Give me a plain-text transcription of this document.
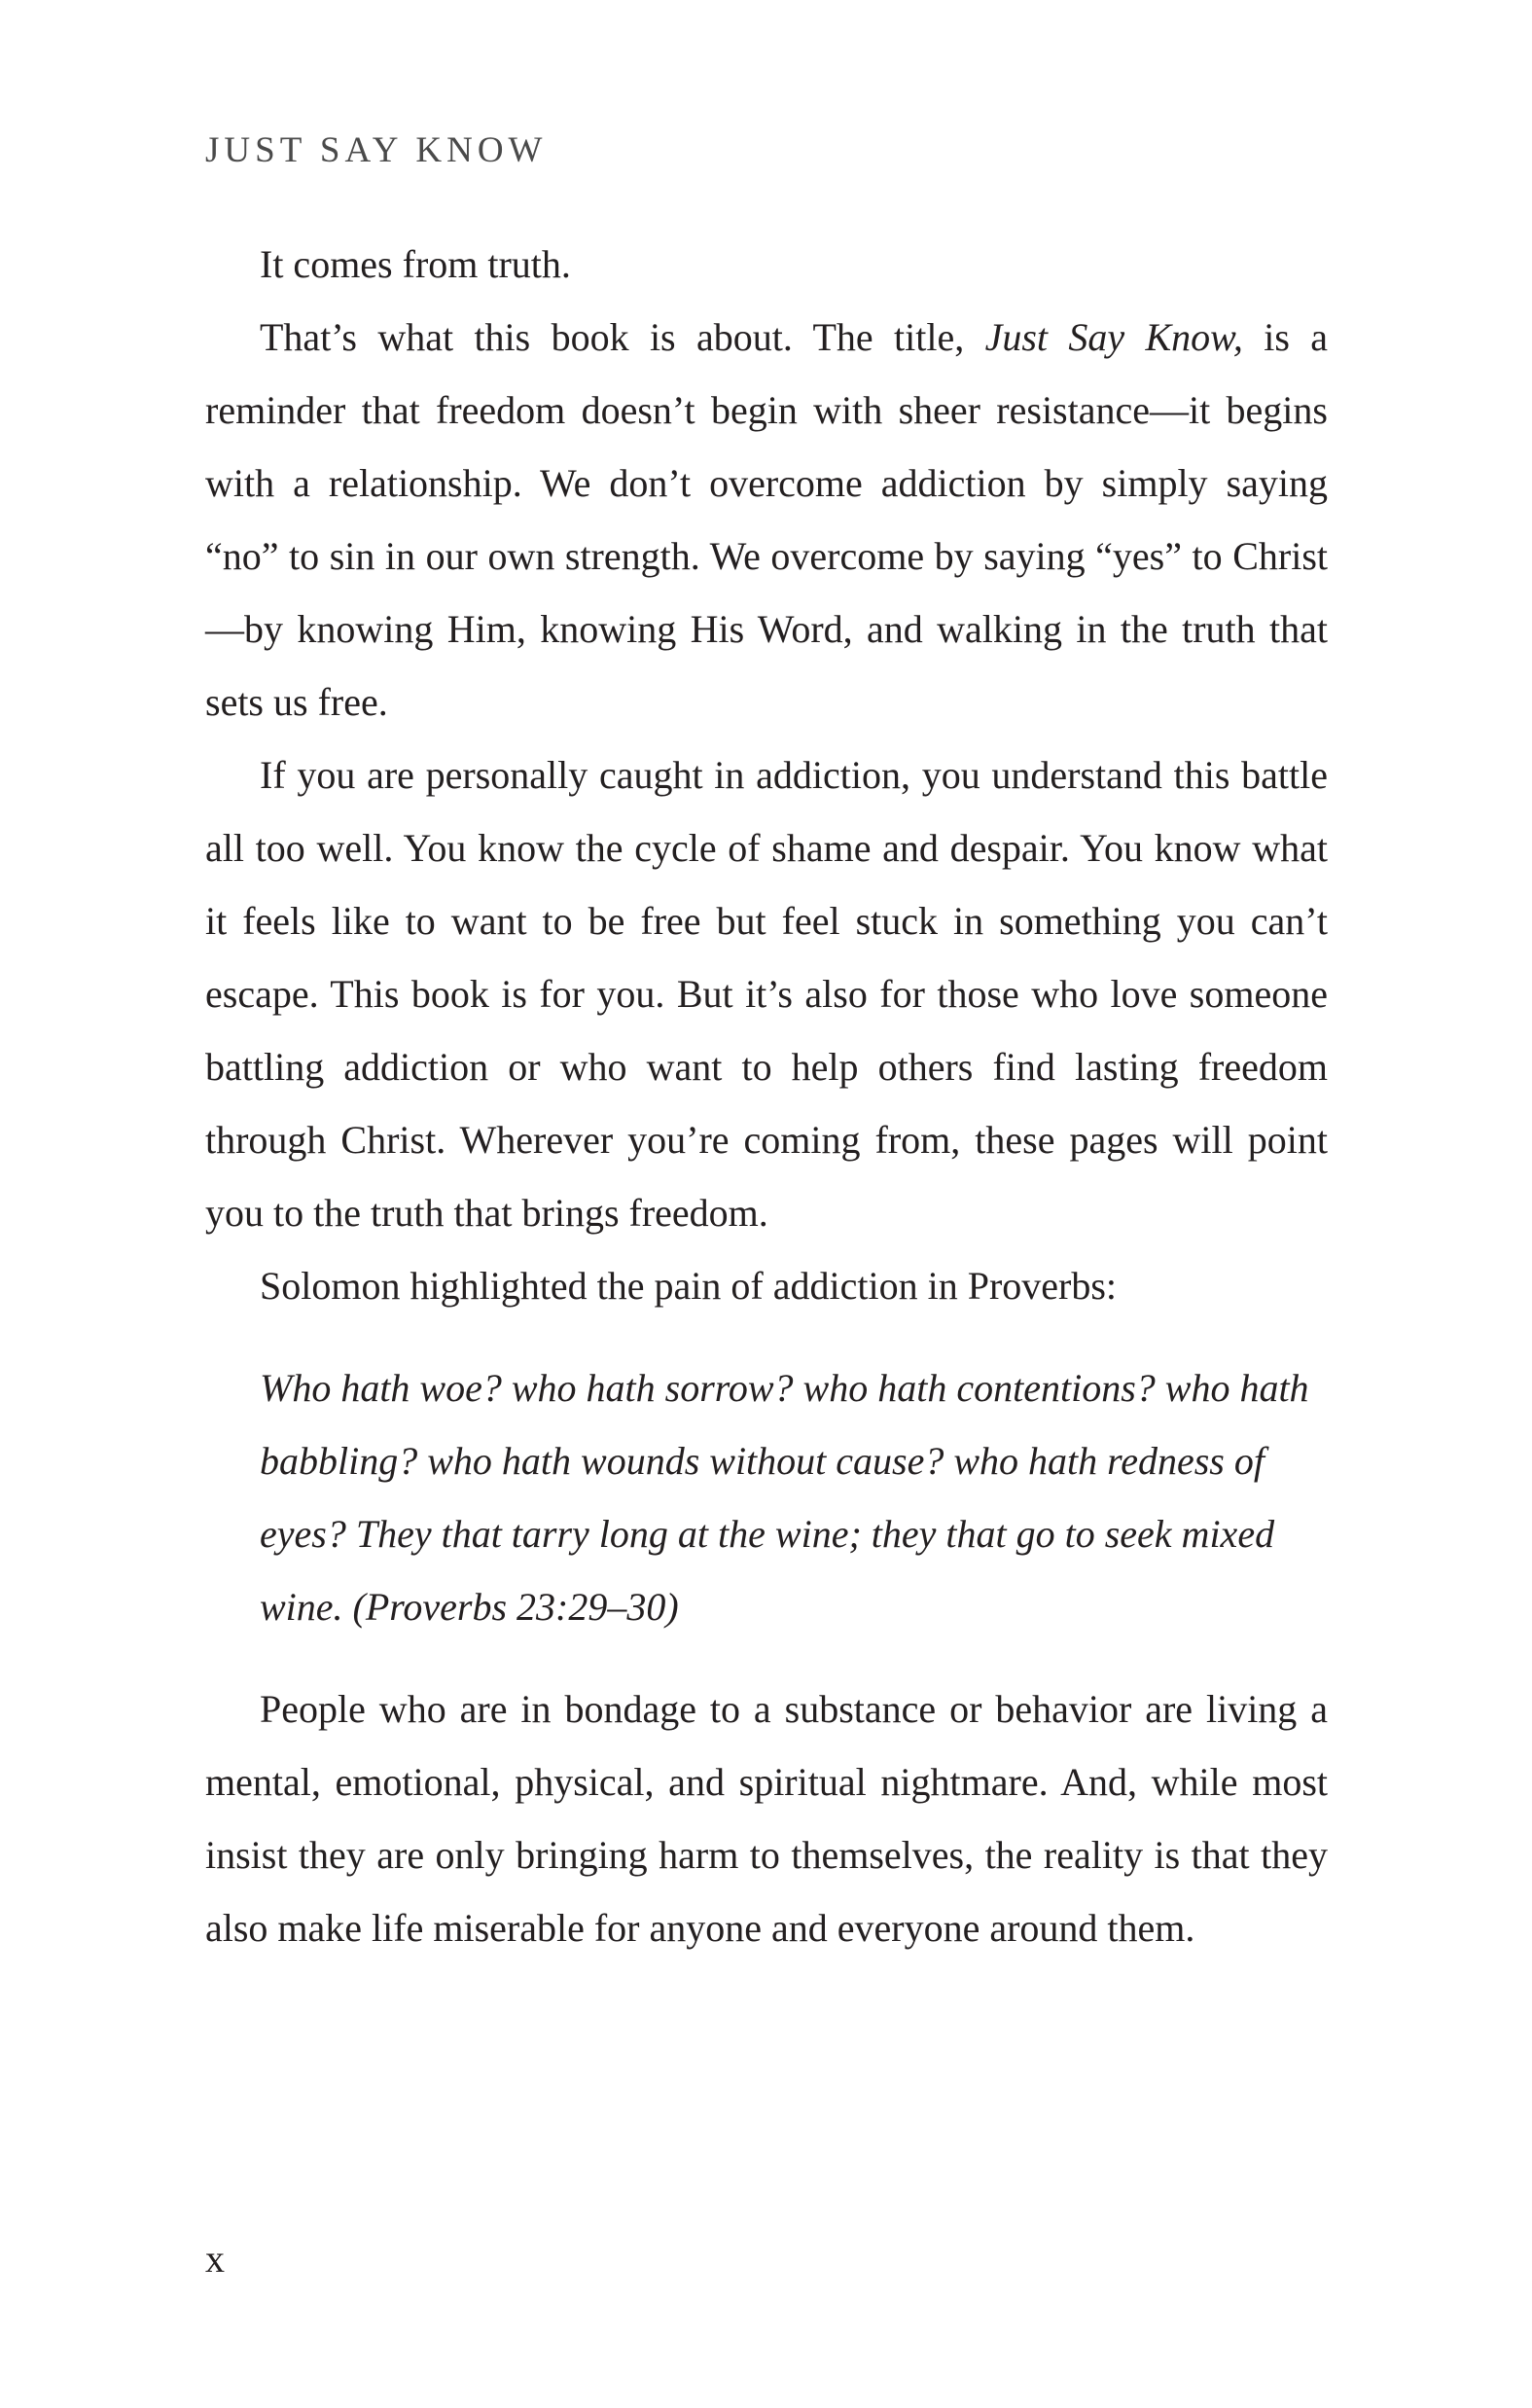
JUST SAY KNOW

It comes from truth.

That’s what this book is about. The title, Just Say Know, is a reminder that freedom doesn’t begin with sheer resistance—it begins with a relationship. We don’t overcome addiction by simply saying “no” to sin in our own strength. We overcome by saying “yes” to Christ—by knowing Him, knowing His Word, and walking in the truth that sets us free.

If you are personally caught in addiction, you understand this battle all too well. You know the cycle of shame and despair. You know what it feels like to want to be free but feel stuck in something you can’t escape. This book is for you. But it’s also for those who love someone battling addiction or who want to help others find lasting freedom through Christ. Wherever you’re coming from, these pages will point you to the truth that brings freedom.

Solomon highlighted the pain of addiction in Proverbs:

Who hath woe? who hath sorrow? who hath contentions? who hath babbling? who hath wounds without cause? who hath redness of eyes? They that tarry long at the wine; they that go to seek mixed wine. (Proverbs 23:29–30)

People who are in bondage to a substance or behavior are living a mental, emotional, physical, and spiritual nightmare. And, while most insist they are only bringing harm to themselves, the reality is that they also make life miserable for anyone and everyone around them.

x
